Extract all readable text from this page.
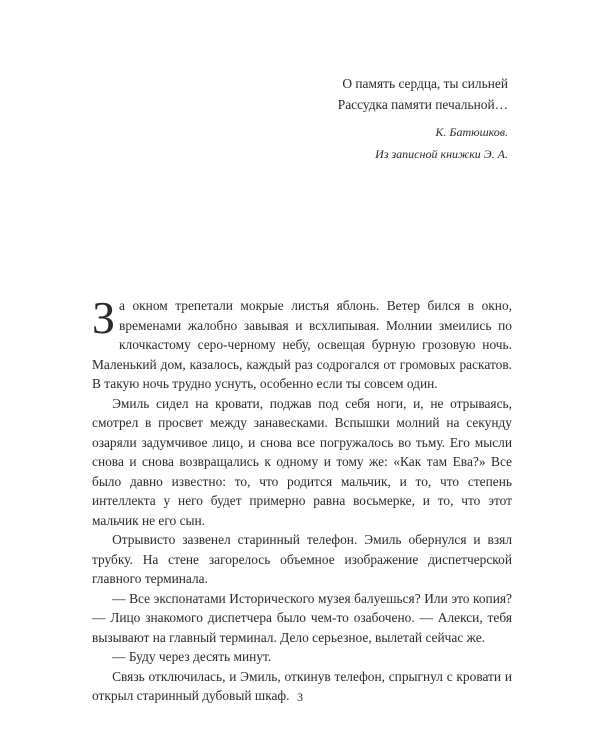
О память сердца, ты сильней
Рассудка памяти печальной…
К. Батюшков.
Из записной книжки Э. А.

За окном трепетали мокрые листья яблонь. Ветер бился в окно, временами жалобно завывая и всхлипывая. Молнии змеились по клочкастому серо-черному небу, освещая бурную грозовую ночь. Маленький дом, казалось, каждый раз содрогался от громовых раскатов. В такую ночь трудно уснуть, особенно если ты совсем один.

Эмиль сидел на кровати, поджав под себя ноги, и, не отрываясь, смотрел в просвет между занавесками. Вспышки молний на секунду озаряли задумчивое лицо, и снова все погружалось во тьму. Его мысли снова и снова возвращались к одному и тому же: «Как там Ева?» Все было давно известно: то, что родится мальчик, и то, что степень интеллекта у него будет примерно равна восьмерке, и то, что этот мальчик не его сын.

Отрывисто зазвенел старинный телефон. Эмиль обернулся и взял трубку. На стене загорелось объемное изображение диспетчерской главного терминала.

— Все экспонатами Исторического музея балуешься? Или это копия? — Лицо знакомого диспетчера было чем-то озабочено. — Алекси, тебя вызывают на главный терминал. Дело серьезное, вылетай сейчас же.

— Буду через десять минут.

Связь отключилась, и Эмиль, откинув телефон, спрыгнул с кровати и открыл старинный дубовый шкаф. 3
